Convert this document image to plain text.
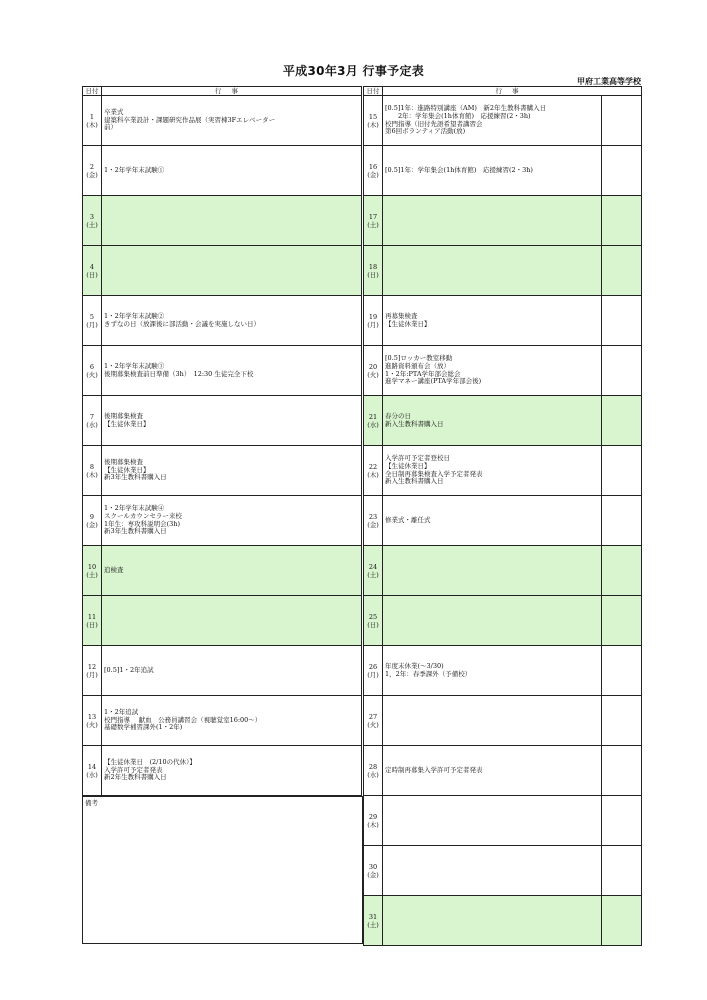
平成30年3月 行事予定表
甲府工業高等学校
日付	行事
1
(木)
卒業式
建築科卒業設計・課題研究作品展（実習棟3Fエレベーター
前）
2
(金)
1・2年学年末試験①
3
(土)
4
(日)
5
(月)
1・2年学年末試験②
きずなの日（放課後に部活動・会議を実施しない日）
6
(火)
1・2年学年末試験③
後期募集検査前日準備（3h）　12:30 生徒完全下校
7
(水)
後期募集検査
【生徒休業日】
8
(木)
後期募集検査
【生徒休業日】
新3年生教科書購入日
9
(金)
1・2年学年末試験④
スクールカウンセラー来校
1年生：専攻科説明会(3h)
新3年生教科書購入日
10
(土)
追検査
11
(日)
12
(月)
[0.5]1・2年追試
13
(火)
1・2年追試
校門指導　 献血　公務員講習会（視聴覚室16:00～）
基礎数学補習課外(1・2年)
14
(水)
【生徒休業日　(2/10の代休）】
入学許可予定者発表
新2年生教科書購入日
日付	行事
15
(木)
[0.5]1年：進路特別講座（AM)　新2年生教科書購入日
　　2年：学年集会(1h体育館)　応援練習(2・3h)
校門指導（旧付先語希望者講習会
第6回ボランティア活動(放)
16
(金)
[0.5]1年：学年集会(1h体育館)　応援練習(2・3h)
17
(土)
18
(日)
19
(月)
再募集検査
【生徒休業日】
20
(火)
[0.5]ロッカー教室移動
進路資料頒布会（放）
1・2年:PTA学年部会総会
進学マネー講座(PTA学年部会後)
21
(水)
春分の日
新入生教科書購入日
22
(木)
入学許可予定者登校日
【生徒休業日】
全日制再募集検査入学予定者発表
新入生教科書購入日
23
(金)
修業式・離任式
24
(土)
25
(日)
26
(月)
年度末休業(～3/30)
1，2年：春季課外（予備校）
27
(火)
28
(水)
定時制再募集入学許可予定者発表
29
(木)
30
(金)
31
(土)
備考
